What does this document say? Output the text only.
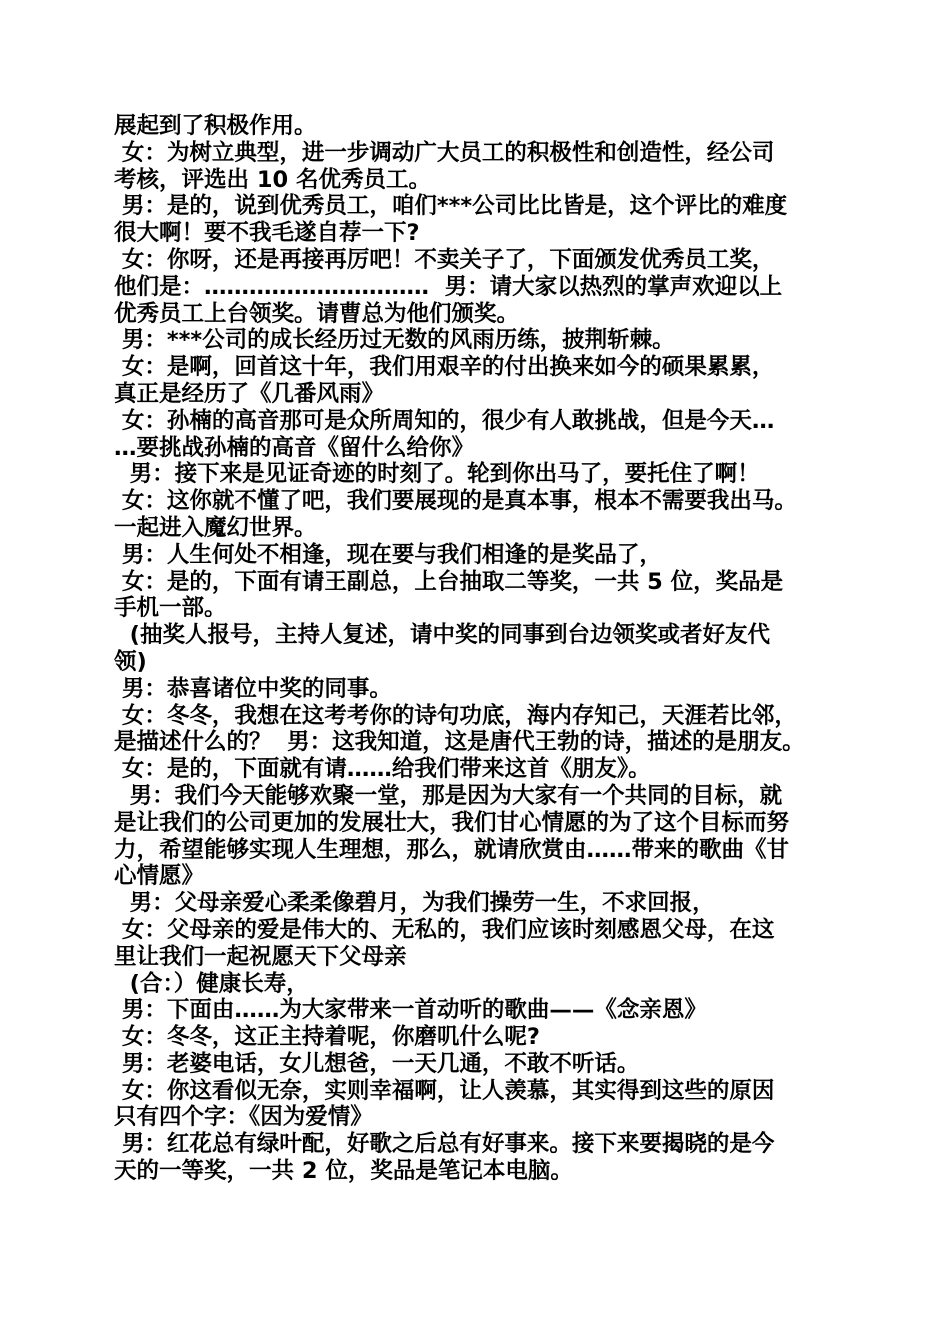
展起到了积极作用。
女：为树立典型，进一步调动广大员工的积极性和创造性，经公司
考核，评选出 10 名优秀员工。
男：是的，说到优秀员工，咱们***公司比比皆是，这个评比的难度
很大啊！要不我毛遂自荐一下?
女：你呀，还是再接再厉吧！不卖关子了，下面颁发优秀员工奖，
他们是：…………………………  男：请大家以热烈的掌声欢迎以上
优秀员工上台领奖。请曹总为他们颁奖。
男：***公司的成长经历过无数的风雨历练，披荆斩棘。
女：是啊，回首这十年，我们用艰辛的付出换来如今的硕果累累，
真正是经历了《几番风雨》
女：孙楠的高音那可是众所周知的，很少有人敢挑战，但是今天…
…要挑战孙楠的高音《留什么给你》
男：接下来是见证奇迹的时刻了。轮到你出马了，要托住了啊！
女：这你就不懂了吧，我们要展现的是真本事，根本不需要我出马。
一起进入魔幻世界。
男：人生何处不相逢，现在要与我们相逢的是奖品了，
女：是的，下面有请王副总，上台抽取二等奖，一共 5 位，奖品是
手机一部。
(抽奖人报号，主持人复述，请中奖的同事到台边领奖或者好友代
领)
男：恭喜诸位中奖的同事。
女：冬冬，我想在这考考你的诗句功底，海内存知己，天涯若比邻，
是描述什么的？  男：这我知道，这是唐代王勃的诗，描述的是朋友。
女：是的，下面就有请……给我们带来这首《朋友》。
男：我们今天能够欢聚一堂，那是因为大家有一个共同的目标，就
是让我们的公司更加的发展壮大，我们甘心情愿的为了这个目标而努
力，希望能够实现人生理想，那么，就请欣赏由……带来的歌曲《甘
心情愿》
男：父母亲爱心柔柔像碧月，为我们操劳一生，不求回报，
女：父母亲的爱是伟大的、无私的，我们应该时刻感恩父母，在这
里让我们一起祝愿天下父母亲
(合：）健康长寿，
男：下面由……为大家带来一首动听的歌曲——《念亲恩》
女：冬冬，这正主持着呢，你磨叽什么呢?
男：老婆电话，女儿想爸，一天几通，不敢不听话。
女：你这看似无奈，实则幸福啊，让人羡慕，其实得到这些的原因
只有四个字：《因为爱情》
男：红花总有绿叶配，好歌之后总有好事来。接下来要揭晓的是今
天的一等奖，一共 2 位，奖品是笔记本电脑。
